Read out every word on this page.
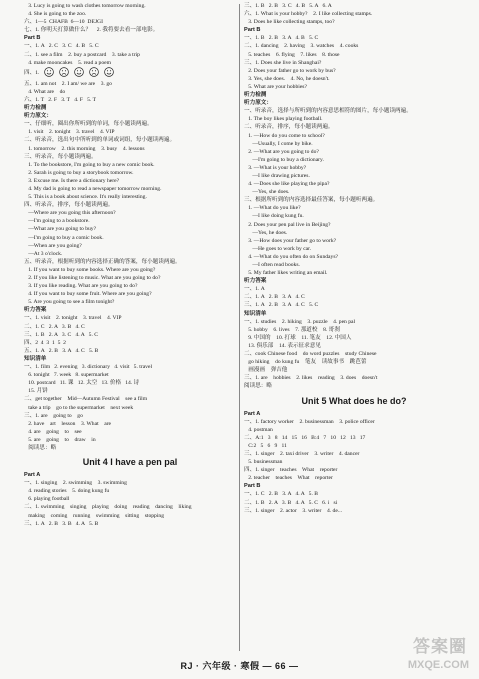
3. Lucy is going to wash clothes tomorrow morning.
4. She is going to the zoo.
六、1—5  CHAFB  6—10  DEJGI
七、1. 你明天打算做什么？    2. 我将要去看一部电影。
Part B
一、1. A   2. C   3. C   4. B   5. C
二、1. see a film    2. buy a postcard    3. take a trip
4. make mooncakes    5. read a poem
四、1.
五、1. am not    2. I am/ we are    3. go
4. What are    do
六、1. T   2. F   3. T   4. F   5. T
听力检测
听力原文：
一、仔细听，圈出你所听到的单词，每小题读两遍。
1. visit    2. tonight    3. travel    4. VIP
二、听录音，选出句中所听到的单词或词组，每小题读两遍。
1. tomorrow    2. this morning    3. busy    4. lessons
三、听录音，每小题读两遍。
1. To the bookstore, I'm going to buy a new comic book.
2. Sarah is going to buy a storybook tomorrow.
3. Excuse me. Is there a dictionary here?
4. My dad is going to read a newspaper tomorrow morning.
5. This is a book about science. It's really interesting.
四、听录音，排序，每小题读两遍。
—Where are you going this afternoon?
—I'm going to a bookstore.
—What are you going to buy?
—I'm going to buy a comic book.
—When are you going?
—At 3 o'clock.
五、听录音，根据听到的内容选择正确的答案，每小题读两遍。
1. If you want to buy some books. Where are you going?
2. If you like listening to music. What are you going to do?
3. If you like reading. What are you going to do?
4. If you want to buy some fruit. Where are you going?
5. Are you going to see a film tonight?
听力答案
一、1. visit    2. tonight    3. travel    4. VIP
二、1. C   2. A   3. B   4. C
三、1. B   2. A   3. C   4. A   5. C
四、2  4  3  1  5  2
五、1. A   2. B   3. A   4. C   5. B
知识清单
一、1. film   2. evening   3. dictionary   4. visit   5. travel
6. tonight   7. week   8. supermarket
10. postcard   11. 课   12. 太空   13. 价格   14. 诗
15. 月饼
二、get together    Mid—Autumn Festival    see a film
take a trip    go to the supermarket    next week
三、1. are    going to    go
2. have    art    lesson    3. What    are
4. are    going    to    see
5. are    going    to    draw    in
阅读思：略
Unit 4 I have a pen pal
Part A
一、1. singing    2. swimming    3. swimming
4. reading stories    5. doing kung fu
6. playing football
二、1. swimming    singing    playing    doing    reading    dancing    liking
making    coming    running    swimming    sitting    stopping
三、1. A   2. B   3. B   4. A   5. B
三、1. B   2. B   3. C   4. B   5. A   6. A
六、1. What is your hobby?    2. I like collecting stamps.
3. Does he like collecting stamps, too?
Part B
一、1. B   2. B   3. A   4. B   5. C
二、1. dancing    2. having    3. watches    4. cooks
5. teaches    6. flying    7. likes    8. those
三、1. Does she live in Shanghai?
2. Does your father go to work by bus?
3. Yes, she does.    4. No, he doesn't.
5. What are your hobbies?
听力检测
听力原文：
一、听录音，选择与所听到的内容意思相符的图片，每小题读两遍。
1. The boy likes playing football.
二、听录音，排序，每小题读两遍。
1. —How do you come to school?
—Usually, I come by bike.
2. —What are you going to do?
—I'm going to buy a dictionary.
3. —What is your hobby?
—I like drawing pictures.
4. —Does she like playing the pipa?
—Yes, she does.
三、根据所听到的内容选择最佳答案，每小题听两遍。
1. —What do you like?
—I like doing kung fu.
2. Does your pen pal live in Beijing?
—Yes, he does.
3. —How does your father go to work?
—He goes to work by car.
4. —What do you often do on Sundays?
—I often read books.
5. My father likes writing an email.
听力答案
一、1. A
二、1. A   2. B   3. A   4. C
三、1. A   2. B   3. A   4. C   5. C
知识清单
一、1. studies    2. hiking    3. puzzle    4. pen pal
5. hobby    6. lives    7. 那道校    8. 哥刹
9. 中国的    10. 打球    11. 笔友    12. 中国人
13. 俱乐部    14. 表示征求意见
二、cook Chinese food    do word puzzles    study Chinese
go hiking    do kung fu    笔友    读故事书    跳芭蕾
画漫画    弹吉他
三、1. are    hobbies    2. likes    reading    3. does    doesn't
阅读思：略
Unit 5 What does he do?
Part A
一、1. factory worker    2. businessman    3. police officer
4. postman
二、A:1   3   8   14   15   16   B:4   7   10   12   13   17
C:2   5   6   9   11
三、1. singer    2. taxi driver    3. writer    4. dancer
5. businessman
四、1. singer    teaches    What    reporter
2. teacher    teaches    What    reporter
Part B
一、1. C   2. B   3. A   4. A   5. B
二、1. B   2. A   3. B   4. A   5. C   6. i   si
三、1. singer    2. actor    3. writer    4. de...
RJ · 六年级 · 寒假 — 66 —
答案圈
MXQE.COM
